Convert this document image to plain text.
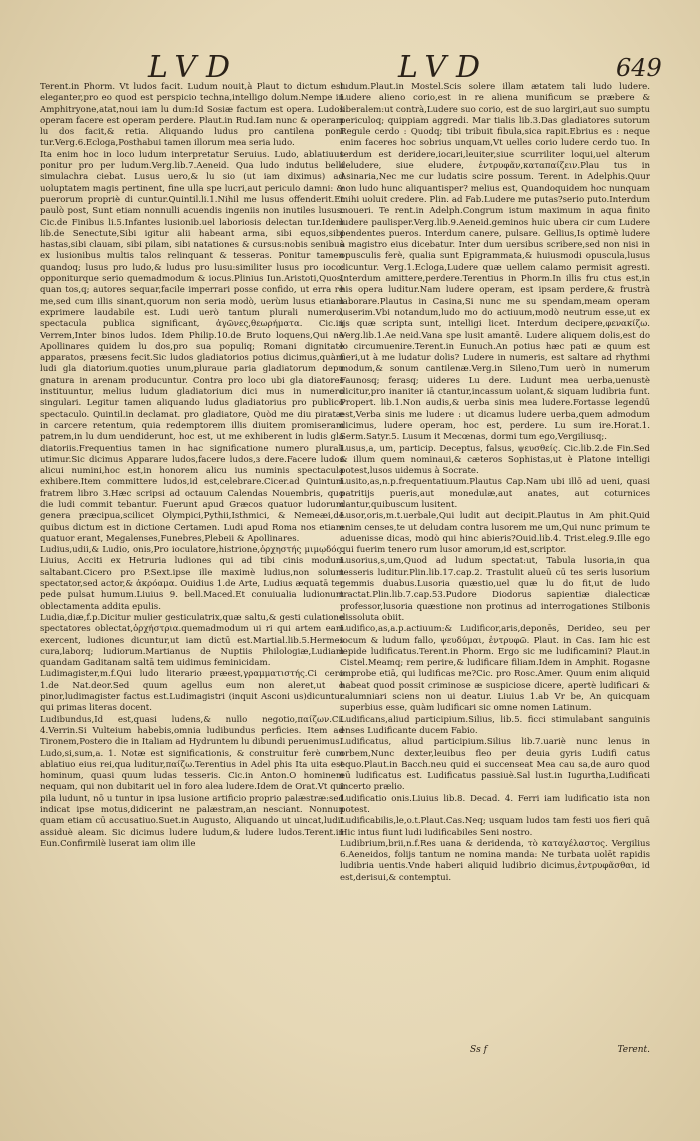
LVD	LVD	649

Terent.in Phorm. Vt ludos facit. Ludum nouit,à Plaut to dictum est eleganter,pro eo quod est perspicio techna,intelligo dolum.Nempe in Amphitryone,atat,noui iam lu dum:Id Sosiæ factum est opera. Ludos operam facere est operam perdere. Plaut.in Rud.Iam nunc & operam lu dos facit,& retia. Aliquando ludus pro cantilena poni tur.Verg.6.Ecloga,Posthabui tamen illorum mea seria ludo.

Ita enim hoc in loco ludum interpretatur Seruius. Ludo, ablatiuus ponitur pro per ludum.Verg.lib.7.Aeneid. Qua ludo indutus belli simulachra ciebat. Lusus uero,& lu sio (ut iam diximus) ad uoluptatem magis pertinent, fine ulla spe lucri,aut periculo damni: & puerorum propriè di cuntur.Quintil.li.1.Nihil me lusus offenderit.Et paulò post, Sunt etiam nonnulli acuendis ingeniis non inutiles lusus. Cic.de Finibus li.5.Infantes lusionib.uel laboriosis delectan tur.Idem lib.de Senectute,Sibi igitur alii habeant arma, sibi equos,sibi hastas,sibi clauam, sibi pilam, sibi natationes & cursus:nobis senibus ex lusionibus multis talos relinquant & tesseras. Ponitur tamen quandoq; lusus pro ludo,& ludus pro lusu:similiter lusus pro ioco: opponiturque serio quemadmodum & iocus.Plinius Iun.Aristoti,Quos, quan tos,q; autores sequar,facile imperrari posse confido, ut erra re me,sed cum illis sinant,quorum non seria modò, uerùm lusus etiam exprimere laudabile est. Ludi uerò tantum plurali numero, spectacula publica significant, ἀγῶνες,θεωρήματα. Cic.in Verrem,Inter binos ludos. Idem Philip.10.de Bruto loquens,Qui ne Apollinares quidem lu dos,pro sua populiq; Romani dignitate apparatos, præsens fecit.Sic ludos gladiatorios potius dicimus,quàm ludi gla diatorium.quoties unum,pluraue paria gladiatorum depu gnatura in arenam producuntur. Contra pro loco ubi gla diatores instituuntur, melius ludum gladiatorium dici mus in numero singulari. Legitur tamen aliquando ludus gladiatorius pro publico spectaculo. Quintil.in declamat. pro gladiatore, Quòd me diu piratæ in carcere retentum, quia redemptorem illis diuitem promiseram patrem,in lu dum uendiderunt, hoc est, ut me exhiberent in ludis gla diatoriis.Frequentius tamen in hac significatione numero plurali utimur.Sic dicimus Apparare ludos,facere ludos,ɜ dere.Facere ludos alicui numini,hoc est,in honorem alicu ius numinis spectacula exhibere.Item committere ludos,id est,celebrare.Cicer.ad Quintum fratrem libro 3.Hæc scripsi ad octauum Calendas Nouembris, quo die ludi commit tebantur. Fuerunt apud Græcos quatuor ludorum genera præcipua,scilicet Olympici,Pythii,Isthmici, & Nemeæi,de quibus dictum est in dictione Certamen. Ludi apud Roma nos etiam quatuor erant, Megalenses,Funebres,Plebeii & Apollinares.

Ludius,udii,& Ludio, onis,Pro ioculatore,histrione,ὀρχηστής μιμῳδός. Liuius, Acciti ex Hetruria ludiones qui ad tibi cinis modum saltabant.Cicero pro P.Sext.ipse ille maximè ludius,non solum spectator,sed actor,& ἀκρόαμα. Ouidius 1.de Arte, Ludius æquatā ter pede pulsat humum.Liuius 9. bell.Maced.Et conuiualia ludionum oblectamenta addita epulis.

Ludia,diæ,f.p.Dicitur mulier gesticulatrix,quæ saltu,& gesti culatione spectatores oblectat,ὀρχήστρια.quemadmodum ui ri qui artem eam exercent, ludiones dicuntur,ut iam dictū est.Martial.lib.5.Hermes cura,laborq; ludiorum.Martianus de Nuptiis Philologiæ,Ludiam quandam Gaditanam saltā tem uidimus feminicidam.

Ludimagister,m.f.Qui ludo literario præest,γραμματιστής.Ci cero 1.de Nat.deor.Sed quum agellus eum non aleret,ut o pinor,ludimagister factus est.Ludimagistri (inquit Asconi us)dicuntur qui primas literas docent.

Ludibundus,Id est,quasi ludens,& nullo negotio,παίζων.Ci. 4.Verrin.Si Vulteium habebis,omnia ludibundus perficies. Item ad Tironem,Postero die in Italiam ad Hydruntem lu dibundi peruenimus.

Ludo,si,sum,a. 1. Notæ est significationis, & construitur ferè cum ablatiuo eius rei,qua luditur,παίζω.Terentius in Adel phis Ita uita est hominum, quasi quum ludas tesseris. Cic.in Anton.O hominem nequam, qui non dubitarit uel in foro alea ludere.Idem de Orat.Vt qui pila ludunt, nō u tuntur in ipsa lusione artificio proprio palæstræ:sed indicat ipse motus,didicerint ne palæstram,an nesciant. Nonnun quam etiam cū accusatiuo.Suet.in Augusto, Aliquando ut uincat,ludit assiduè aleam. Sic dicimus ludere ludum,& ludere ludos.Terent.in Eun.Confirmilè luserat iam olim ille

ludum.Plaut.in Mostel.Scis solere illam ætatem tali ludo ludere. Ludere alieno corio,est in re aliena munificum se præbere & liberalem:ut contrà,Ludere suo corio, est de suo largiri,aut suo sumptu periculoq; quippiam aggredi. Mar tialis lib.3.Das gladiatores sutorum Regule cerdo : Quodq; tibi tribuit fibula,sica rapit.Ebrius es : neque enim faceres hoc sobrius unquam,Vt uelles corio ludere cerdo tuo. In terdum est deridere,iocari,leuiter,siue scurriliter loqui,uel alterum deludere, siue eludere, ἐντρυφᾶν,καταπαίζειν.Plau tus in Asinaria,Nec me cur ludatis scire possum. Terent. in Adelphis.Quur non ludo hunc aliquantisper? melius est, Quandoquidem hoc nunquam mihi uoluit credere. Plin. ad Fab.Ludere me putas?serio puto.Interdum moueri. Te rent.in Adelph.Congrum istum maximum in aqua finito ludere paulisper.Verg.lib.9.Aeneid.geminos huic ubera cir cum Ludere pendentes pueros. Interdum canere, pulsare. Gellius,Is optimè ludere à magistro eius dicebatur. Inter dum uersibus scribere,sed non nisi in opusculis ferè, qualia sunt Epigrammata,& huiusmodi opuscula,lusus dicuntur. Verg.1.Ecloga,Ludere quæ uellem calamo permisit agresti. Interdum amittere,perdere.Terentius in Phorm.In illis fru ctus est,in his opera luditur.Nam ludere operam, est ipsam perdere,& frustrà laborare.Plautus in Casina,Si nunc me su spendam,meam operam luserim.Vbi notandum,ludo mo do actiuum,modò neutrum esse,ut ex ijs quæ scripta sunt, intelligi licet. Interdum decipere,φενακίζω. Verg.lib.1.Ae neid.Vana spe lusit amantē. Ludere aliquem dolis,est do lo circumuenire.Terent.in Eunuch.An potius hæc pati æ quum est fieri,ut à me ludatur dolis? Ludere in numeris, est saltare ad rhythmi modum,& sonum cantilenæ.Verg.in Sileno,Tum uerò in numerum Faunosq; ferasq; uideres Lu dere. Ludunt mea uerba,uenustè dicitur,pro inaniter iā ctantur,incassum uolant,& siquam ludibria funt. Propert. lib.1.Non audis,& uerba sinis mea ludere.Fortasse legendū est,Verba sinis me ludere : ut dicamus ludere uerba,quem admodum dicimus, ludere operam, hoc est, perdere. Lu sum ire.Horat.1. Serm.Satyr.5. Lusum it Mecœnas, dormi tum ego,Vergiliusq;.

Lusus,a, um, particip. Deceptus, falsus, ψευσθείς. Cic.lib.2.de Fin.Sed & illum quem nominaui,& cæteros Sophistas,ut è Platone intelligi potest,lusos uidemus à Socrate.

Lusito,as,n.p.frequentatiuum.Plautus Cap.Nam ubi illō ad ueni, quasi patritijs pueris,aut monedulæ,aut anates, aut coturnices dantur,quibuscum lusitent.

Lusor,oris,m.t.uerbale,Qui ludit aut decipit.Plautus in Am phit.Quid enim censes,te ut deludam contra lusorem me um,Qui nunc primum te aduenisse dicas, modò qui hinc abieris?Ouid.lib.4. Trist.eleg.9.Ille ego qui fuerim tenero rum lusor amorum,id est,scriptor.

Lusorius,s,um,Quod ad ludum spectat:ut, Tabula lusoria,in qua tesseris luditur.Plin.lib.17.cap.2. Trastulit alueū cū tes seris lusorium gemmis duabus.Lusoria quæstio,uel quæ lu do fit,ut de ludo tractat.Plin.lib.7.cap.53.Pudore Diodorus sapientiæ dialecticæ professor,lusoria quæstione non protinus ad interrogationes Stilbonis dissoluta obiit.

Ludifico,as,a.p.actiuum:& Ludificor,aris,deponēs, Derideo, seu per iocum & ludum fallo, ψευδύμαι, ἐντρυφῶ. Plaut. in Cas. Iam hic est lepide ludificatus.Terent.in Phorm. Ergo sic me ludificamini? Plaut.in Cistel.Meamq; rem perire,& ludificare filiam.Idem in Amphit. Rogasne improbe etiā, qui ludificas me?Cic. pro Rosc.Amer. Quum enim aliquid habeat quod possit criminose æ suspiciose dicere, apertè ludificari & calumniari sciens non ui deatur. Liuius 1.ab Vr be, An quicquam superbius esse, quàm ludificari sic omne nomen Latinum.

Ludificans,aliud participium.Silius, lib.5. ficci stimulabant sanguinis enses Ludificante ducem Fabio.

Ludificatus, aliud participium.Silius lib.7.uariè nunc lenus in orbem,Nunc dexter,leuibus fleo per deuia gyris Ludifi catus equo.Plaut.in Bacch.neu quid ei succenseat Mea cau sa,de auro quod eū ludificatus est. Ludificatus passiuè.Sal lust.in Iugurtha,Ludificati incerto prælio.

Ludificatio onis.Liuius lib.8. Decad. 4. Ferri iam ludificatio ista non potest.

Ludificabilis,le,o.t.Plaut.Cas.Neq; usquam ludos tam festi uos fieri quā Hic intus fiunt ludi ludificabiles Seni nostro.

Ludibrium,brii,n.f.Res uana & deridenda, τὸ καταγέλαστος. Vergilius 6.Aeneidos, folijs tantum ne nomina manda: Ne turbata uolēt rapidis ludibria uentis.Vnde haberi aliquid ludibrio dicimus,ἐντρυφᾶσθαι, id est,derisui,& contemptui.

Ss f	Terent.
